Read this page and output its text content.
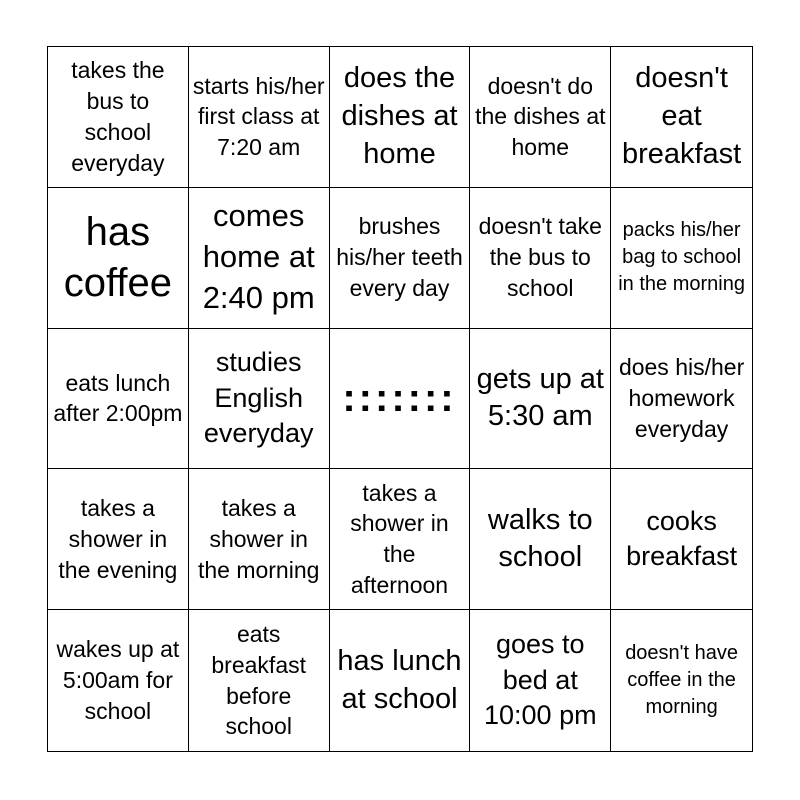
takes the bus to school everyday
starts his/her first class at 7:20 am
does the dishes at home
doesn't do the dishes at home
doesn't eat breakfast
has coffee
comes home at 2:40 pm
brushes his/her teeth every day
doesn't take the bus to school
packs his/her bag to school in the morning
eats lunch after 2:00pm
studies English everyday
::::::: gets up at 5:30 am
does his/her homework everyday
takes a shower in the evening
takes a shower in the morning
takes a shower in the afternoon
walks to school
cooks breakfast
wakes up at 5:00am for school
eats breakfast before school
has lunch at school
goes to bed at 10:00 pm
doesn't have coffee in the morning
